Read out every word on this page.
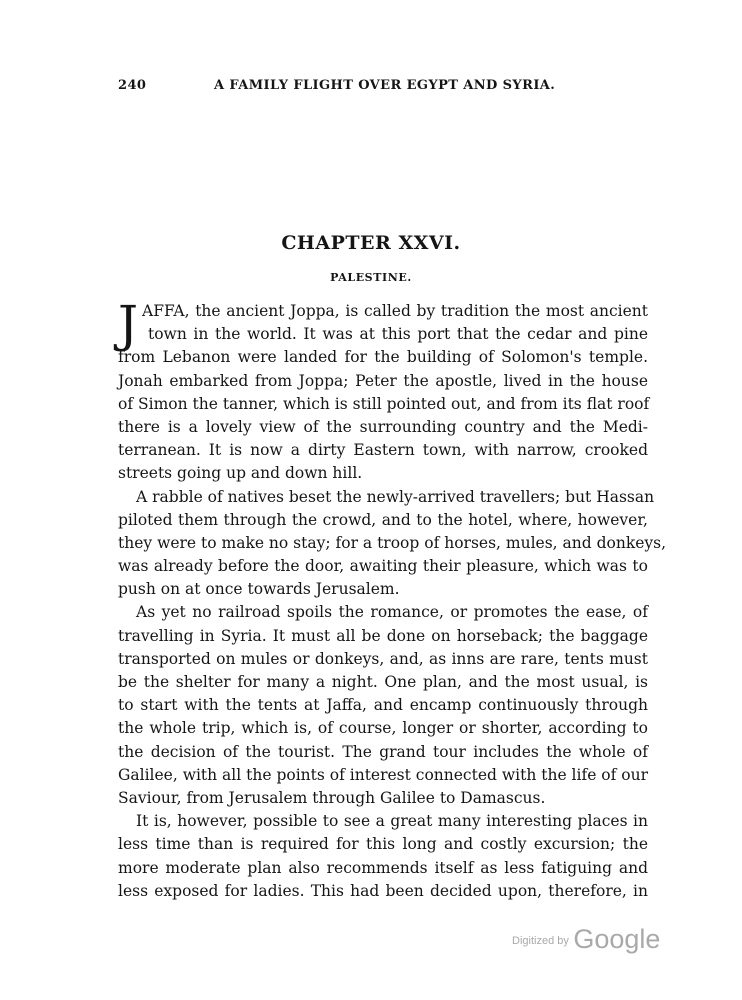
240	A FAMILY FLIGHT OVER EGYPT AND SYRIA.
CHAPTER XXVI.
PALESTINE.
J AFFA, the ancient Joppa, is called by tradition the most ancient
town in the world. It was at this port that the cedar and pine
from Lebanon were landed for the building of Solomon's temple.
Jonah embarked from Joppa; Peter the apostle, lived in the house
of Simon the tanner, which is still pointed out, and from its flat roof
there is a lovely view of the surrounding country and the Medi-
terranean. It is now a dirty Eastern town, with narrow, crooked
streets going up and down hill.
A rabble of natives beset the newly-arrived travellers; but Hassan
piloted them through the crowd, and to the hotel, where, however,
they were to make no stay; for a troop of horses, mules, and donkeys,
was already before the door, awaiting their pleasure, which was to
push on at once towards Jerusalem.
As yet no railroad spoils the romance, or promotes the ease, of
travelling in Syria. It must all be done on horseback; the baggage
transported on mules or donkeys, and, as inns are rare, tents must
be the shelter for many a night. One plan, and the most usual, is
to start with the tents at Jaffa, and encamp continuously through
the whole trip, which is, of course, longer or shorter, according to
the decision of the tourist. The grand tour includes the whole of
Galilee, with all the points of interest connected with the life of our
Saviour, from Jerusalem through Galilee to Damascus.
It is, however, possible to see a great many interesting places in
less time than is required for this long and costly excursion; the
more moderate plan also recommends itself as less fatiguing and
less exposed for ladies. This had been decided upon, therefore, in
$^{Digitized by}$ Google
